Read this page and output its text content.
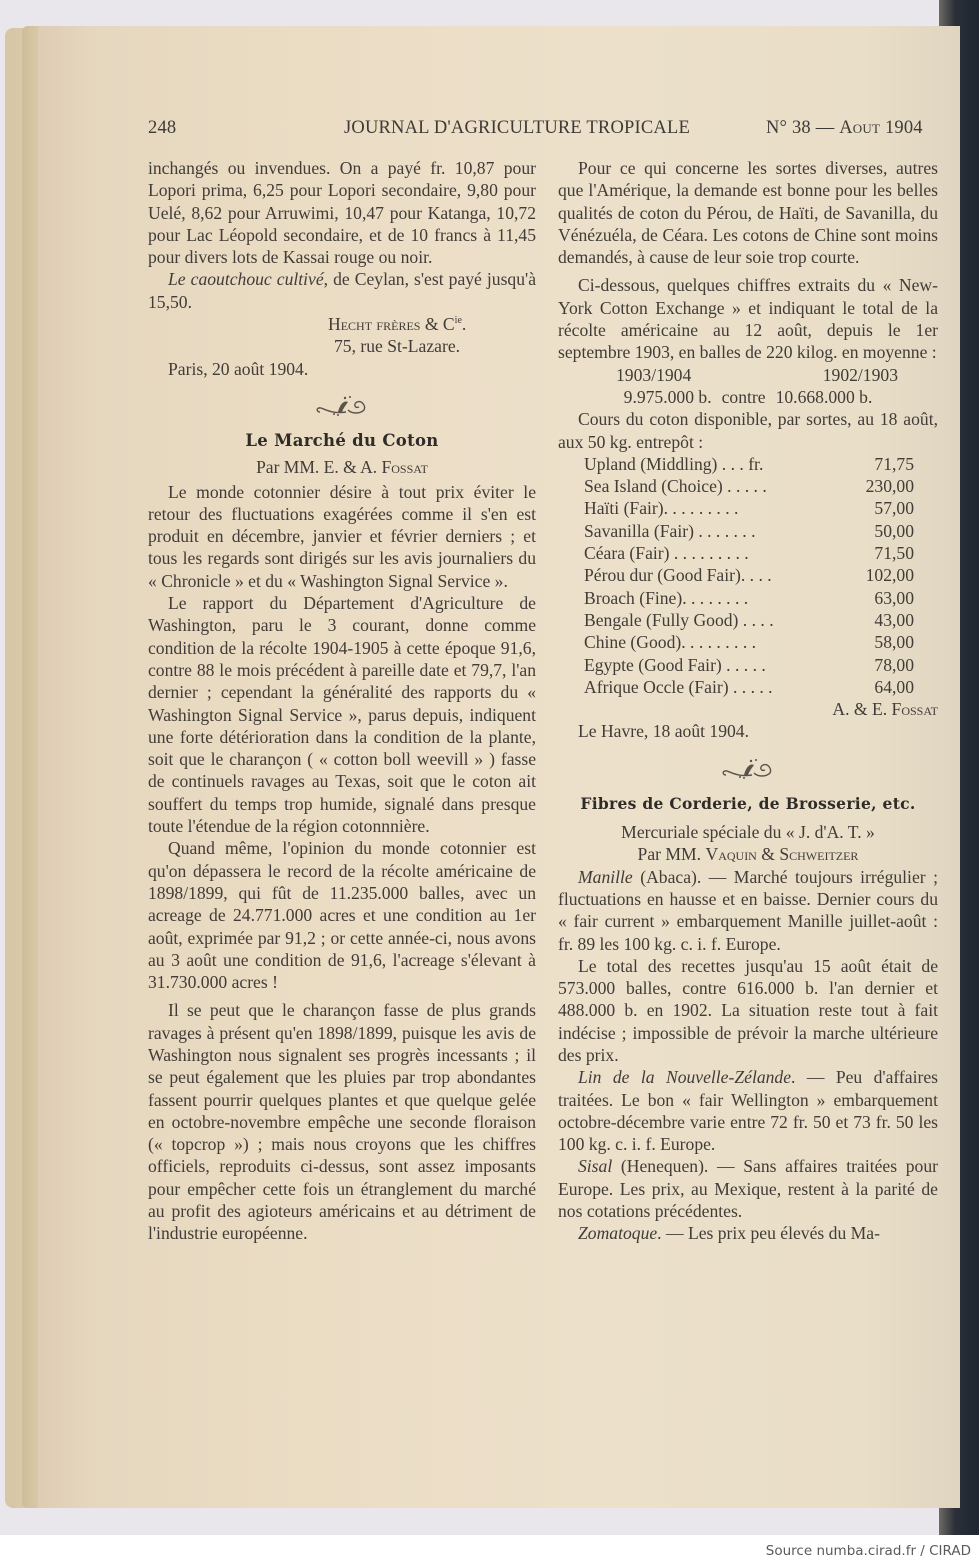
248	JOURNAL D'AGRICULTURE TROPICALE	N° 38 — Aout 1904

inchangés ou invendues. On a payé fr. 10,87 pour Lopori prima, 6,25 pour Lopori secondaire, 9,80 pour Uelé, 8,62 pour Arruwimi, 10,47 pour Katanga, 10,72 pour Lac Léopold secondaire, et de 10 francs à 11,45 pour divers lots de Kassai rouge ou noir.

Le caoutchouc cultivé, de Ceylan, s'est payé jusqu'à 15,50.

Hecht frères & $C^{ie}$.

75, rue St-Lazare.

Paris, 20 août 1904.

Le Marché du Coton

Par MM. E. & A. Fossat

Le monde cotonnier désire à tout prix éviter le retour des fluctuations exagérées comme il s'en est produit en décembre, janvier et février derniers ; et tous les regards sont dirigés sur les avis journaliers du « Chronicle » et du « Washington Signal Service ».

Le rapport du Département d'Agriculture de Washington, paru le 3 courant, donne comme condition de la récolte 1904-1905 à cette époque 91,6, contre 88 le mois précédent à pareille date et 79,7, l'an dernier ; cependant la généralité des rapports du « Washington Signal Service », parus depuis, indiquent une forte détérioration dans la condition de la plante, soit que le charançon ( « cotton boll weevill » ) fasse de continuels ravages au Texas, soit que le coton ait souffert du temps trop humide, signalé dans presque toute l'étendue de la région cotonnnière.

Quand même, l'opinion du monde cotonnier est qu'on dépassera le record de la récolte américaine de 1898/1899, qui fût de 11.235.000 balles, avec un acreage de 24.771.000 acres et une condition au 1er août, exprimée par 91,2 ; or cette année-ci, nous avons au 3 août une condition de 91,6, l'acreage s'élevant à 31.730.000 acres !

Il se peut que le charançon fasse de plus grands ravages à présent qu'en 1898/1899, puisque les avis de Washington nous signalent ses progrès incessants ; il se peut également que les pluies par trop abondantes fassent pourrir quelques plantes et que quelque gelée en octobre-novembre empêche une seconde floraison (« topcrop ») ; mais nous croyons que les chiffres officiels, reproduits ci-dessus, sont assez imposants pour empêcher cette fois un étranglement du marché au profit des agioteurs américains et au détriment de l'industrie européenne.

Pour ce qui concerne les sortes diverses, autres que l'Amérique, la demande est bonne pour les belles qualités de coton du Pérou, de Haïti, de Savanilla, du Vénézuéla, de Céara. Les cotons de Chine sont moins demandés, à cause de leur soie trop courte.

Ci-dessous, quelques chiffres extraits du « New-York Cotton Exchange » et indiquant le total de la récolte américaine au 12 août, depuis le 1er septembre 1903, en balles de 220 kilog. en moyenne :

1903/1904	1902/1903
9.975.000 b. contre 10.668.000 b.

Cours du coton disponible, par sortes, au 18 août, aux 50 kg. entrepôt :

Upland (Middling) . . . fr.	71,75
Sea Island (Choice) . . . . .	230,00
Haïti (Fair). . . . . . . . .	57,00
Savanilla (Fair) . . . . . . .	50,00
Céara (Fair) . . . . . . . . .	71,50
Pérou dur (Good Fair). . . .	102,00
Broach (Fine). . . . . . . .	63,00
Bengale (Fully Good) . . . .	43,00
Chine (Good). . . . . . . . .	58,00
Egypte (Good Fair) . . . . .	78,00
Afrique Occle (Fair) . . . . .	64,00

A. & E. Fossat

Le Havre, 18 août 1904.

Fibres de Corderie, de Brosserie, etc.

Mercuriale spéciale du « J. d'A. T. »

Par MM. Vaquin & Schweitzer

Manille (Abaca). — Marché toujours irrégulier ; fluctuations en hausse et en baisse. Dernier cours du « fair current » embarquement Manille juillet-août : fr. 89 les 100 kg. c. i. f. Europe.

Le total des recettes jusqu'au 15 août était de 573.000 balles, contre 616.000 b. l'an dernier et 488.000 b. en 1902. La situation reste tout à fait indécise ; impossible de prévoir la marche ultérieure des prix.

Lin de la Nouvelle-Zélande. — Peu d'affaires traitées. Le bon « fair Wellington » embarquement octobre-décembre varie entre 72 fr. 50 et 73 fr. 50 les 100 kg. c. i. f. Europe.

Sisal (Henequen). — Sans affaires traitées pour Europe. Les prix, au Mexique, restent à la parité de nos cotations précédentes.

Zomatoque. — Les prix peu élevés du Ma-

Source numba.cirad.fr / CIRAD
